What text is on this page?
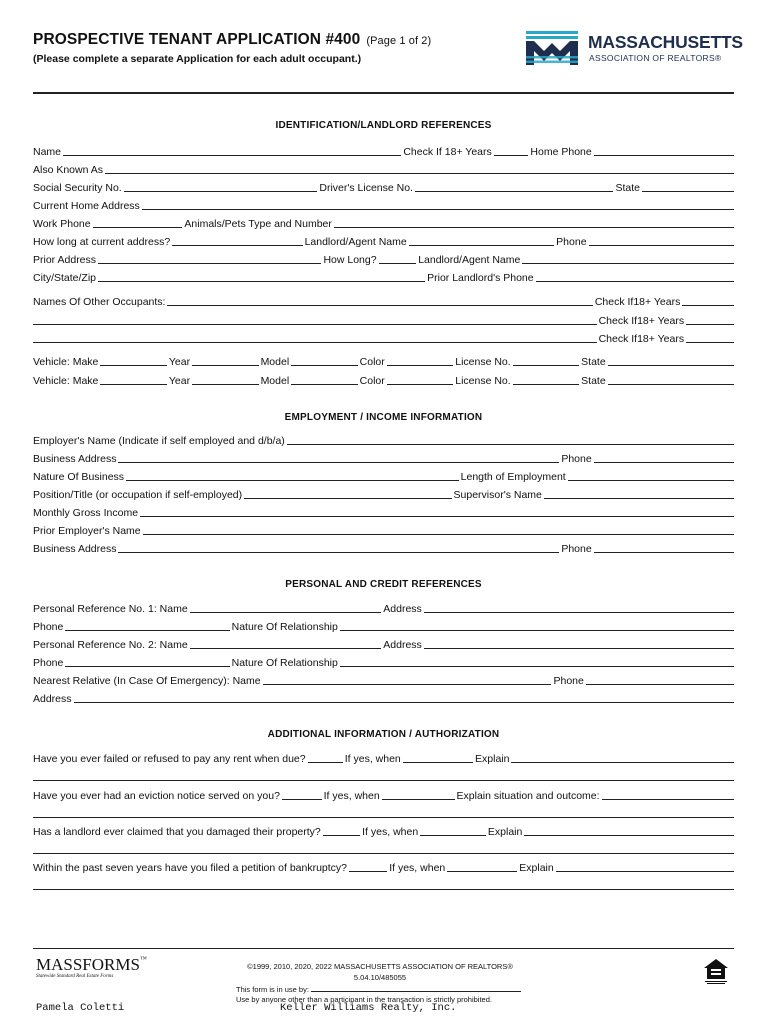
PROSPECTIVE TENANT APPLICATION #400 (Page 1 of 2)
(Please complete a separate Application for each adult occupant.)
MASSACHUSETTS
ASSOCIATION OF REALTORS®
IDENTIFICATION/LANDLORD REFERENCES
Name	Check If 18+ Years	Home Phone
Also Known As
Social Security No.	Driver's License No.	State
Current Home Address
Work Phone	Animals/Pets Type and Number
How long at current address?	Landlord/Agent Name	Phone
Prior Address	How Long?	Landlord/Agent Name
City/State/Zip	Prior Landlord's Phone
Names Of Other Occupants:	Check If18+ Years
Check If18+ Years
Check If18+ Years
Vehicle: Make	Year	Model	Color	License No.	State
Vehicle: Make	Year	Model	Color	License No.	State
EMPLOYMENT / INCOME INFORMATION
Employer's Name (Indicate if self employed and d/b/a)
Business Address	Phone
Nature Of Business	Length of Employment
Position/Title (or occupation if self-employed)	Supervisor's Name
Monthly Gross Income
Prior Employer's Name
Business Address	Phone
PERSONAL AND CREDIT REFERENCES
Personal Reference No. 1: Name	Address
Phone	Nature Of Relationship
Personal Reference No. 2: Name	Address
Phone	Nature Of Relationship
Nearest Relative (In Case Of Emergency): Name	Phone
Address
ADDITIONAL INFORMATION / AUTHORIZATION
Have you ever failed or refused to pay any rent when due?	If yes, when	Explain
Have you ever had an eviction notice served on you?	If yes, when	Explain situation and outcome:
Has a landlord ever claimed that you damaged their property?	If yes, when	Explain
Within the past seven years have you filed a petition of bankruptcy?	If yes, when	Explain
MASSFORMS™
Statewide Standard Real Estate Forms
©1999, 2010, 2020, 2022 MASSACHUSETTS ASSOCIATION OF REALTORS®
5.04.10/485055
This form is in use by:
Use by anyone other than a participant in the transaction is strictly prohibited.
Pamela Coletti	Keller Williams Realty, Inc.
